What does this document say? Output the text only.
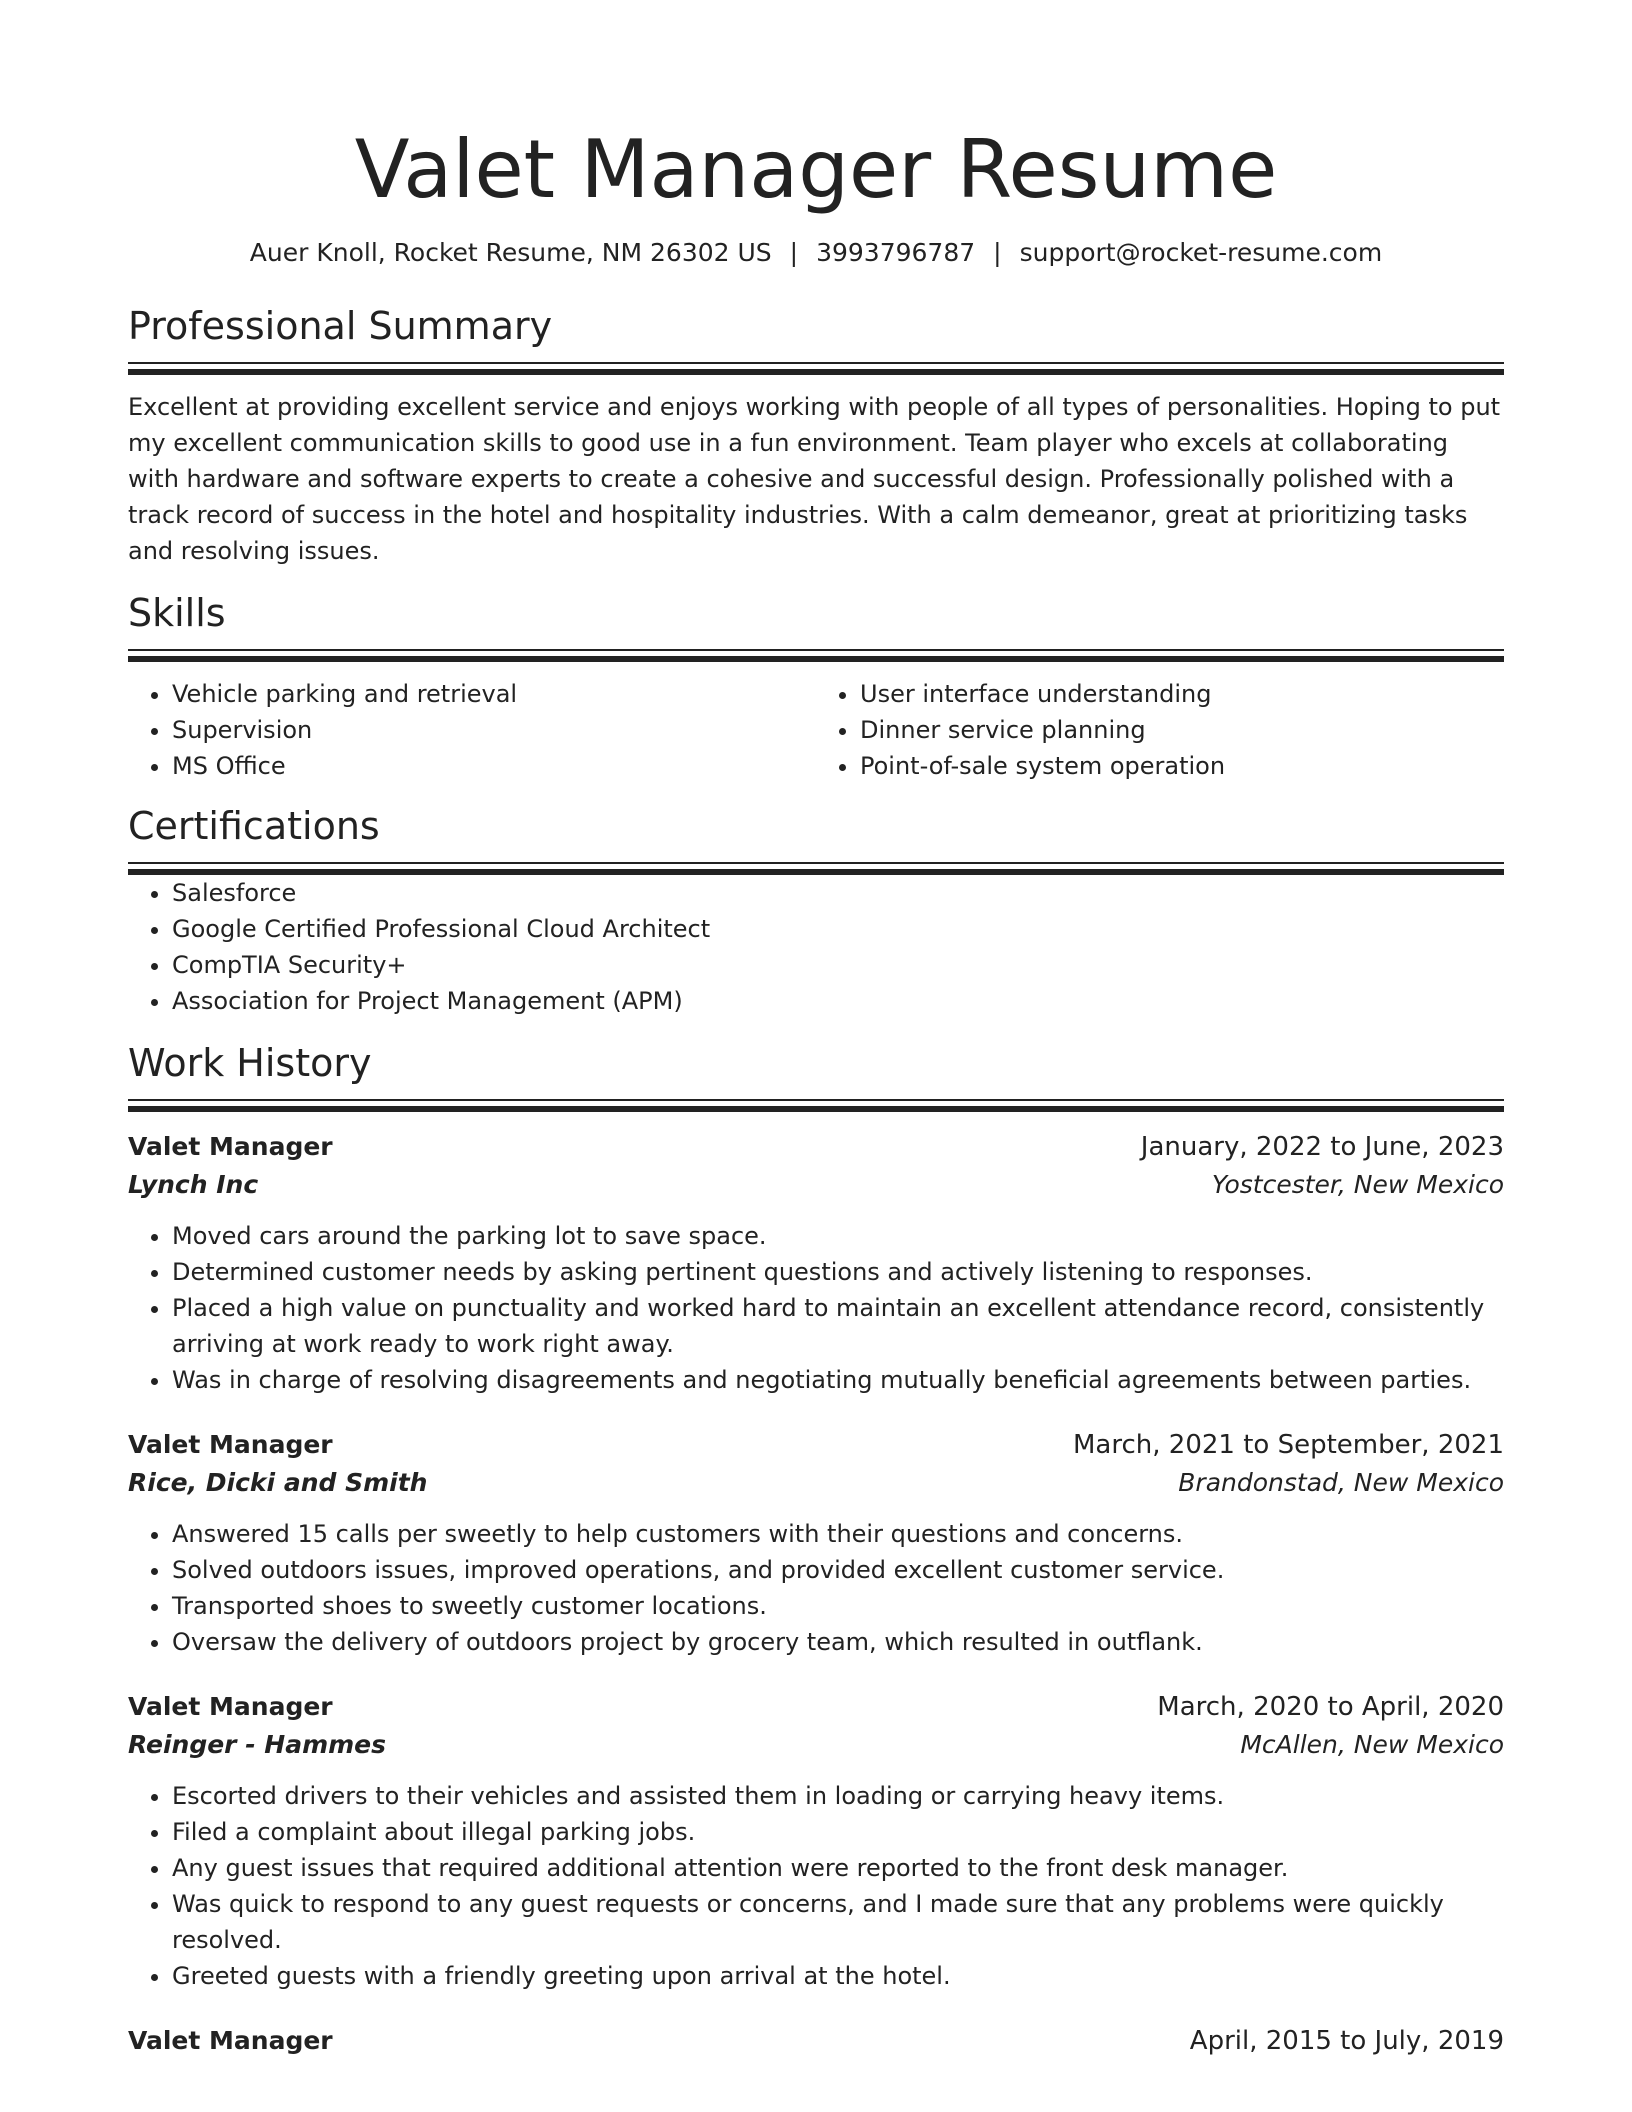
Valet Manager Resume
Auer Knoll, Rocket Resume, NM 26302 US | 3993796787 | support@rocket-resume.com
Professional Summary

Excellent at providing excellent service and enjoys working with people of all types of personalities. Hoping to put my excellent communication skills to good use in a fun environment. Team player who excels at collaborating with hardware and software experts to create a cohesive and successful design. Professionally polished with a track record of success in the hotel and hospitality industries. With a calm demeanor, great at prioritizing tasks and resolving issues.

Skills
• Vehicle parking and retrieval
• Supervision
• MS Office
• User interface understanding
• Dinner service planning
• Point-of-sale system operation
Certifications
• Salesforce
• Google Certified Professional Cloud Architect
• CompTIA Security+
• Association for Project Management (APM)
Work History
Valet Manager	January, 2022 to June, 2023
Lynch Inc	Yostcester, New Mexico
• Moved cars around the parking lot to save space.
• Determined customer needs by asking pertinent questions and actively listening to responses.
• Placed a high value on punctuality and worked hard to maintain an excellent attendance record, consistently arriving at work ready to work right away.
• Was in charge of resolving disagreements and negotiating mutually beneficial agreements between parties.
Valet Manager	March, 2021 to September, 2021
Rice, Dicki and Smith	Brandonstad, New Mexico
• Answered 15 calls per sweetly to help customers with their questions and concerns.
• Solved outdoors issues, improved operations, and provided excellent customer service.
• Transported shoes to sweetly customer locations.
• Oversaw the delivery of outdoors project by grocery team, which resulted in outflank.
Valet Manager	March, 2020 to April, 2020
Reinger - Hammes	McAllen, New Mexico
• Escorted drivers to their vehicles and assisted them in loading or carrying heavy items.
• Filed a complaint about illegal parking jobs.
• Any guest issues that required additional attention were reported to the front desk manager.
• Was quick to respond to any guest requests or concerns, and I made sure that any problems were quickly resolved.
• Greeted guests with a friendly greeting upon arrival at the hotel.
Valet Manager	April, 2015 to July, 2019
